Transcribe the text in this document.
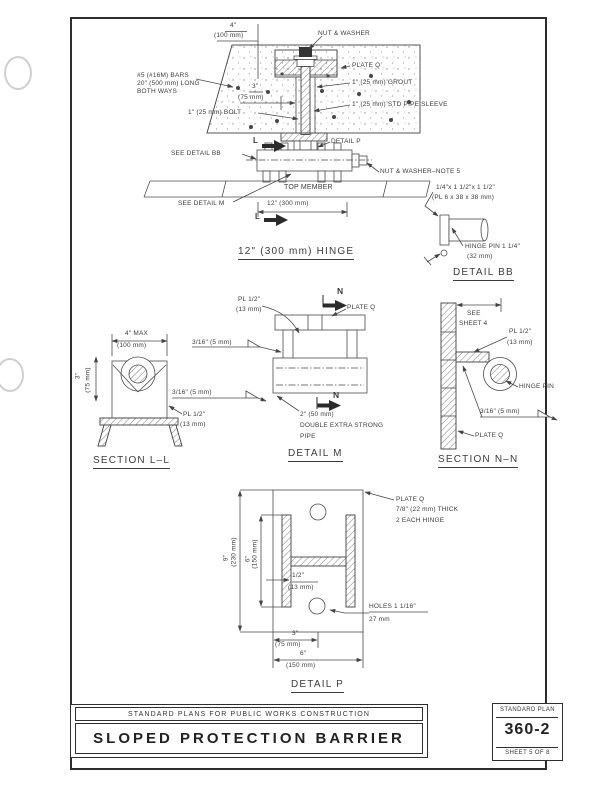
4"
(100 mm)	NUT & WASHER
PLATE Q
1" (25 mm) GROUT
1" (25 mm) STD PIPE SLEEVE
#5 (#16M) BARS
20" (500 mm) LONG
BOTH WAYS
3"
(75 mm)
1" (25 mm) BOLT
DETAIL P
SEE DETAIL BB
L
L
NUT & WASHER–NOTE 5
TOP MEMBER
SEE DETAIL M	12" (300 mm)
12" (300 mm) HINGE
1/4"x 1 1/2"x 1 1/2"
(PL 6 x 38 x 38 mm)
HINGE PIN 1 1/4"
(32 mm)
DETAIL BB
4" MAX
(100 mm)
3" (75 mm)	3/16" (5 mm)
PL 1/2"
(13 mm)
SECTION L–L
N
PLATE Q
PL 1/2"
(13 mm)
3/16" (5 mm)
N
2" (50 mm)
DOUBLE EXTRA STRONG
PIPE
DETAIL M
SEE
SHEET 4
PL 1/2"
(13 mm)
HINGE PIN
3/16" (5 mm)
PLATE Q
SECTION N–N
9" (230 mm) 6" (150 mm)
1/2"
(13 mm)
PLATE Q
7/8" (22 mm) THICK
2 EACH HINGE
HOLES 1 1/16"
27 mm
3"
(75 mm)
6"
(150 mm)
DETAIL P
STANDARD PLANS FOR PUBLIC WORKS CONSTRUCTION
SLOPED PROTECTION BARRIER
STANDARD PLAN
360-2
SHEET 5 OF 8
